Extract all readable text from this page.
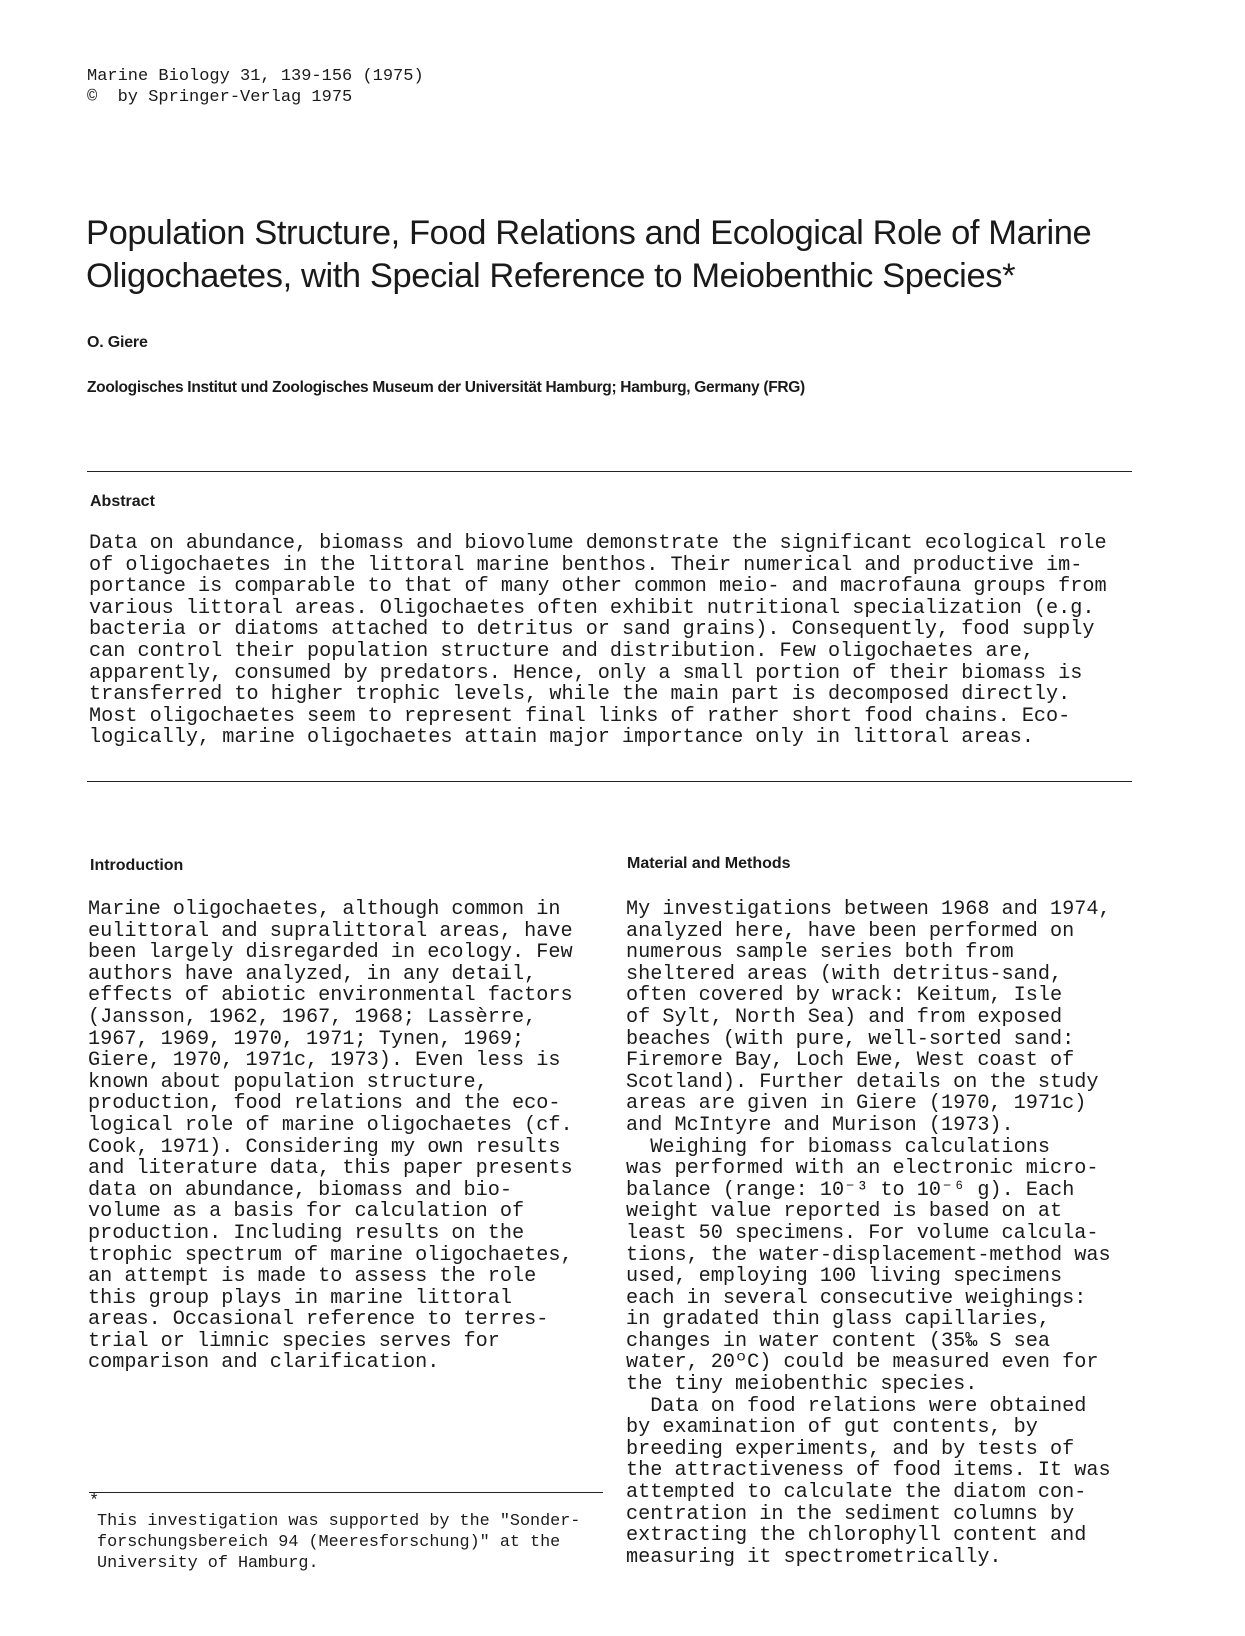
Marine Biology 31, 139-156 (1975)
©  by Springer-Verlag 1975
Population Structure, Food Relations and Ecological Role of Marine
Oligochaetes, with Special Reference to Meiobenthic Species*
O. Giere
Zoologisches Institut und Zoologisches Museum der Universität Hamburg; Hamburg, Germany (FRG)
Abstract
Data on abundance, biomass and biovolume demonstrate the significant ecological role
of oligochaetes in the littoral marine benthos. Their numerical and productive im-
portance is comparable to that of many other common meio- and macrofauna groups from
various littoral areas. Oligochaetes often exhibit nutritional specialization (e.g.
bacteria or diatoms attached to detritus or sand grains). Consequently, food supply
can control their population structure and distribution. Few oligochaetes are,
apparently, consumed by predators. Hence, only a small portion of their biomass is
transferred to higher trophic levels, while the main part is decomposed directly.
Most oligochaetes seem to represent final links of rather short food chains. Eco-
logically, marine oligochaetes attain major importance only in littoral areas.
Introduction
Marine oligochaetes, although common in
eulittoral and supralittoral areas, have
been largely disregarded in ecology. Few
authors have analyzed, in any detail,
effects of abiotic environmental factors
(Jansson, 1962, 1967, 1968; Lassèrre,
1967, 1969, 1970, 1971; Tynen, 1969;
Giere, 1970, 1971c, 1973). Even less is
known about population structure,
production, food relations and the eco-
logical role of marine oligochaetes (cf.
Cook, 1971). Considering my own results
and literature data, this paper presents
data on abundance, biomass and bio-
volume as a basis for calculation of
production. Including results on the
trophic spectrum of marine oligochaetes,
an attempt is made to assess the role
this group plays in marine littoral
areas. Occasional reference to terres-
trial or limnic species serves for
comparison and clarification.
Material and Methods
My investigations between 1968 and 1974,
analyzed here, have been performed on
numerous sample series both from
sheltered areas (with detritus-sand,
often covered by wrack: Keitum, Isle
of Sylt, North Sea) and from exposed
beaches (with pure, well-sorted sand:
Firemore Bay, Loch Ewe, West coast of
Scotland). Further details on the study
areas are given in Giere (1970, 1971c)
and McIntyre and Murison (1973).
Weighing for biomass calculations
was performed with an electronic micro-
balance (range: 10⁻³ to 10⁻⁶ g). Each
weight value reported is based on at
least 50 specimens. For volume calcula-
tions, the water-displacement-method was
used, employing 100 living specimens
each in several consecutive weighings:
in gradated thin glass capillaries,
changes in water content (35‰ S sea
water, 20ºC) could be measured even for
the tiny meiobenthic species.
Data on food relations were obtained
by examination of gut contents, by
breeding experiments, and by tests of
the attractiveness of food items. It was
attempted to calculate the diatom con-
centration in the sediment columns by
extracting the chlorophyll content and
measuring it spectrometrically.
*
This investigation was supported by the "Sonder-
forschungsbereich 94 (Meeresforschung)" at the
University of Hamburg.
